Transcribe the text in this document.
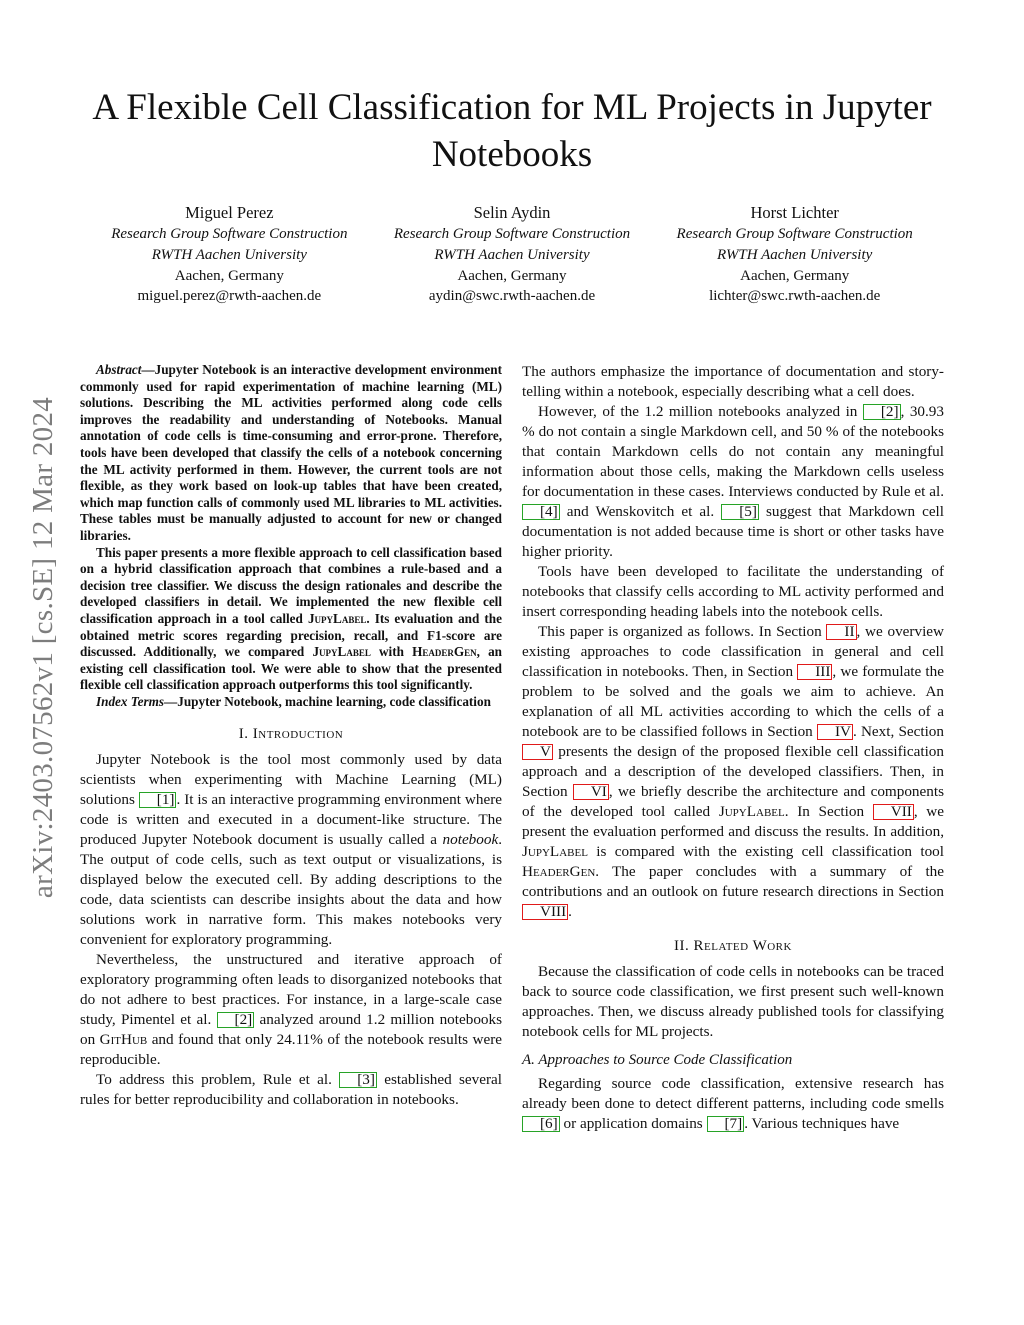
A Flexible Cell Classification for ML Projects in Jupyter Notebooks
Miguel Perez
Research Group Software Construction
RWTH Aachen University
Aachen, Germany
miguel.perez@rwth-aachen.de
Selin Aydin
Research Group Software Construction
RWTH Aachen University
Aachen, Germany
aydin@swc.rwth-aachen.de
Horst Lichter
Research Group Software Construction
RWTH Aachen University
Aachen, Germany
lichter@swc.rwth-aachen.de
arXiv:2403.07562v1 [cs.SE] 12 Mar 2024

Abstract—Jupyter Notebook is an interactive development environment commonly used for rapid experimentation of machine learning (ML) solutions. Describing the ML activities performed along code cells improves the readability and understanding of Notebooks. Manual annotation of code cells is time-consuming and error-prone. Therefore, tools have been developed that classify the cells of a notebook concerning the ML activity performed in them. However, the current tools are not flexible, as they work based on look-up tables that have been created, which map function calls of commonly used ML libraries to ML activities. These tables must be manually adjusted to account for new or changed libraries.

This paper presents a more flexible approach to cell classification based on a hybrid classification approach that combines a rule-based and a decision tree classifier. We discuss the design rationales and describe the developed classifiers in detail. We implemented the new flexible cell classification approach in a tool called JupyLabel. Its evaluation and the obtained metric scores regarding precision, recall, and F1-score are discussed. Additionally, we compared JupyLabel with HeaderGen, an existing cell classification tool. We were able to show that the presented flexible cell classification approach outperforms this tool significantly.

Index Terms—Jupyter Notebook, machine learning, code classification

I. Introduction

Jupyter Notebook is the tool most commonly used by data scientists when experimenting with Machine Learning (ML) solutions [1] . It is an interactive programming environment where code is written and executed in a document-like structure. The produced Jupyter Notebook document is usually called a notebook. The output of code cells, such as text output or visualizations, is displayed below the executed cell. By adding descriptions to the code, data scientists can describe insights about the data and how solutions work in narrative form. This makes notebooks very convenient for exploratory programming.

Nevertheless, the unstructured and iterative approach of exploratory programming often leads to disorganized notebooks that do not adhere to best practices. For instance, in a large-scale case study, Pimentel et al. [2] analyzed around 1.2 million notebooks on GitHub and found that only 24.11% of the notebook results were reproducible.

To address this problem, Rule et al. [3] established several rules for better reproducibility and collaboration in notebooks.

The authors emphasize the importance of documentation and story-telling within a notebook, especially describing what a cell does.

However, of the 1.2 million notebooks analyzed in [2] , 30.93 % do not contain a single Markdown cell, and 50 % of the notebooks that contain Markdown cells do not contain any meaningful information about those cells, making the Markdown cells useless for documentation in these cases. Interviews conducted by Rule et al. [4] and Wenskovitch et al. [5] suggest that Markdown cell documentation is not added because time is short or other tasks have higher priority.

Tools have been developed to facilitate the understanding of notebooks that classify cells according to ML activity performed and insert corresponding heading labels into the notebook cells.

This paper is organized as follows. In Section II , we overview existing approaches to code classification in general and cell classification in notebooks. Then, in Section III , we formulate the problem to be solved and the goals we aim to achieve. An explanation of all ML activities according to which the cells of a notebook are to be classified follows in Section IV . Next, Section V presents the design of the proposed flexible cell classification approach and a description of the developed classifiers. Then, in Section VI , we briefly describe the architecture and components of the developed tool called JupyLabel. In Section VII , we present the evaluation performed and discuss the results. In addition, JupyLabel is compared with the existing cell classification tool HeaderGen. The paper concludes with a summary of the contributions and an outlook on future research directions in Section VIII .

II. Related Work

Because the classification of code cells in notebooks can be traced back to source code classification, we first present such well-known approaches. Then, we discuss already published tools for classifying notebook cells for ML projects.

A. Approaches to Source Code Classification

Regarding source code classification, extensive research has already been done to detect different patterns, including code smells [6] or application domains [7] . Various techniques have
